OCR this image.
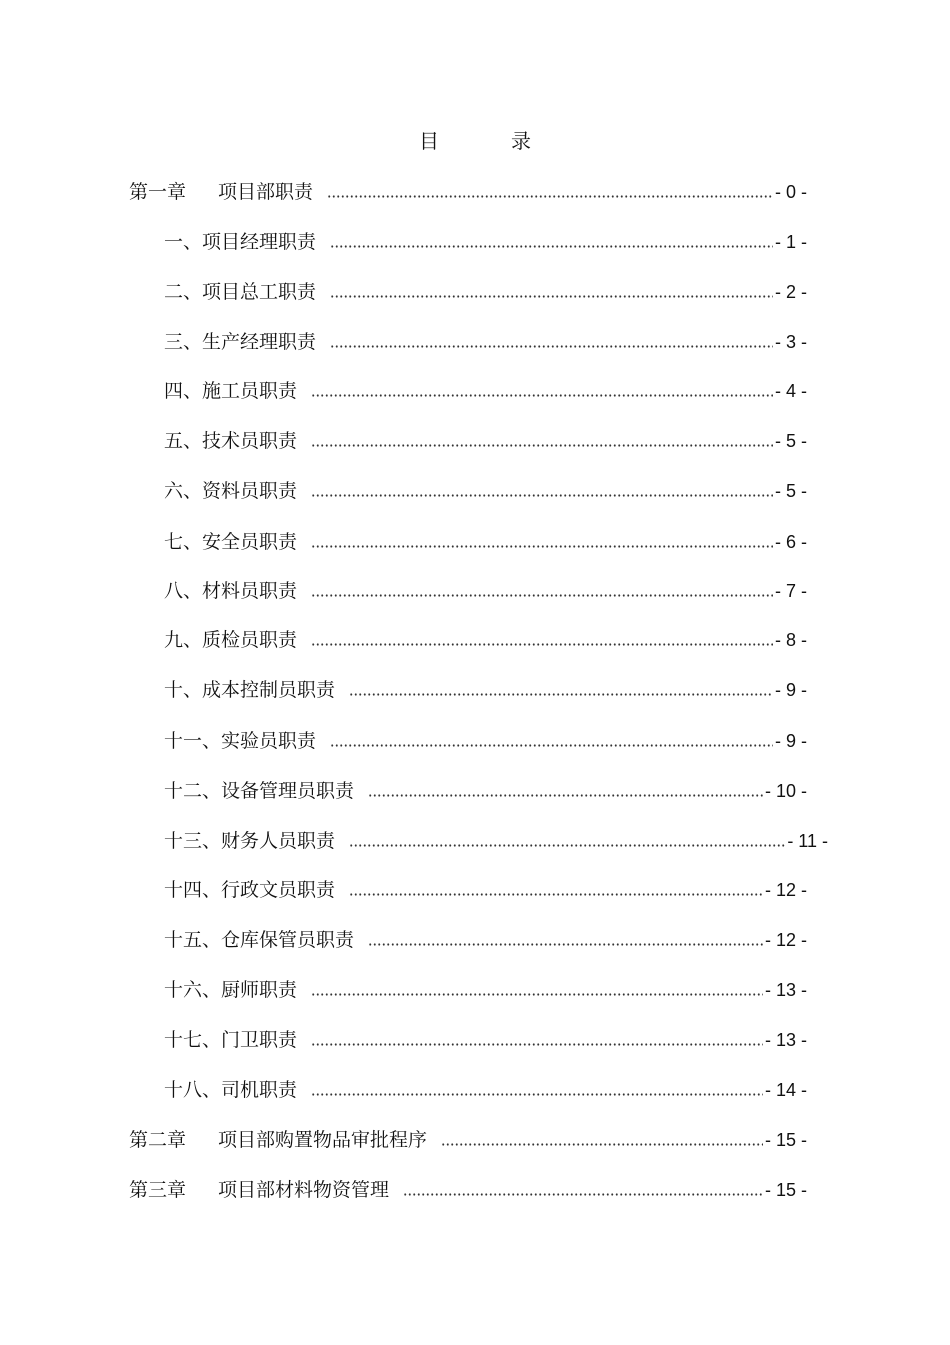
目　录
第一章	项目部职责	- 0 -
一、项目经理职责	- 1 -
二、项目总工职责	- 2 -
三、生产经理职责	- 3 -
四、施工员职责	- 4 -
五、技术员职责	- 5 -
六、资料员职责	- 5 -
七、安全员职责	- 6 -
八、材料员职责	- 7 -
九、质检员职责	- 8 -
十、成本控制员职责	- 9 -
十一、实验员职责	- 9 -
十二、设备管理员职责	- 10 -
十三、财务人员职责	- 11 -
十四、行政文员职责	- 12 -
十五、仓库保管员职责	- 12 -
十六、厨师职责	- 13 -
十七、门卫职责	- 13 -
十八、司机职责	- 14 -
第二章	项目部购置物品审批程序	- 15 -
第三章	项目部材料物资管理	- 15 -
